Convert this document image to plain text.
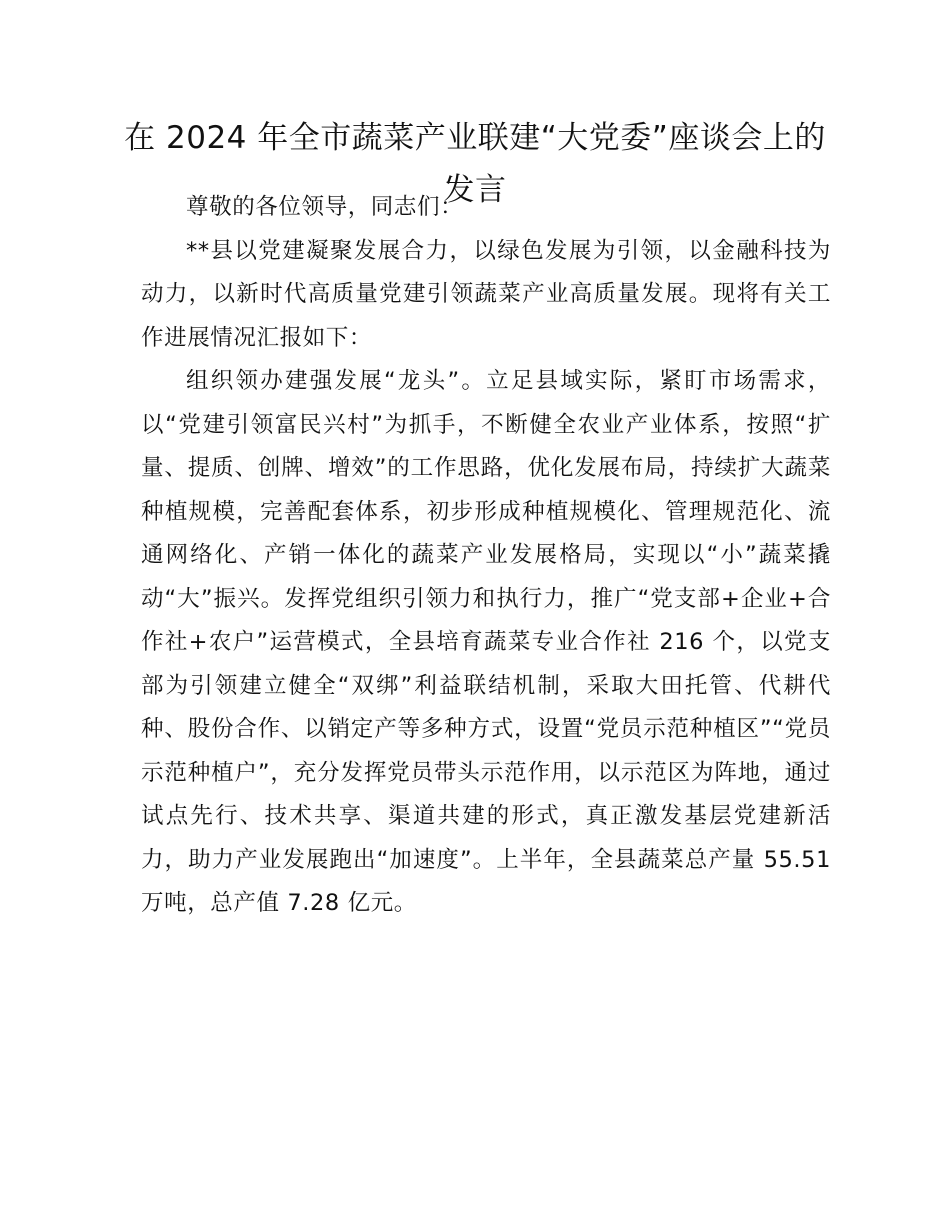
在 2024 年全市蔬菜产业联建“大党委”座谈会上的发言

尊敬的各位领导，同志们：

**县以党建凝聚发展合力，以绿色发展为引领，以金融科技为动力，以新时代高质量党建引领蔬菜产业高质量发展。现将有关工作进展情况汇报如下：

组织领办建强发展“龙头”。立足县域实际，紧盯市场需求，以“党建引领富民兴村”为抓手，不断健全农业产业体系，按照“扩量、提质、创牌、增效”的工作思路，优化发展布局，持续扩大蔬菜种植规模，完善配套体系，初步形成种植规模化、管理规范化、流通网络化、产销一体化的蔬菜产业发展格局，实现以“小”蔬菜撬动“大”振兴。发挥党组织引领力和执行力，推广“党支部+企业+合作社+农户”运营模式，全县培育蔬菜专业合作社 216 个，以党支部为引领建立健全“双绑”利益联结机制，采取大田托管、代耕代种、股份合作、以销定产等多种方式，设置“党员示范种植区”“党员示范种植户”，充分发挥党员带头示范作用，以示范区为阵地，通过试点先行、技术共享、渠道共建的形式，真正激发基层党建新活力，助力产业发展跑出“加速度”。上半年，全县蔬菜总产量 55.51 万吨，总产值 7.28 亿元。
